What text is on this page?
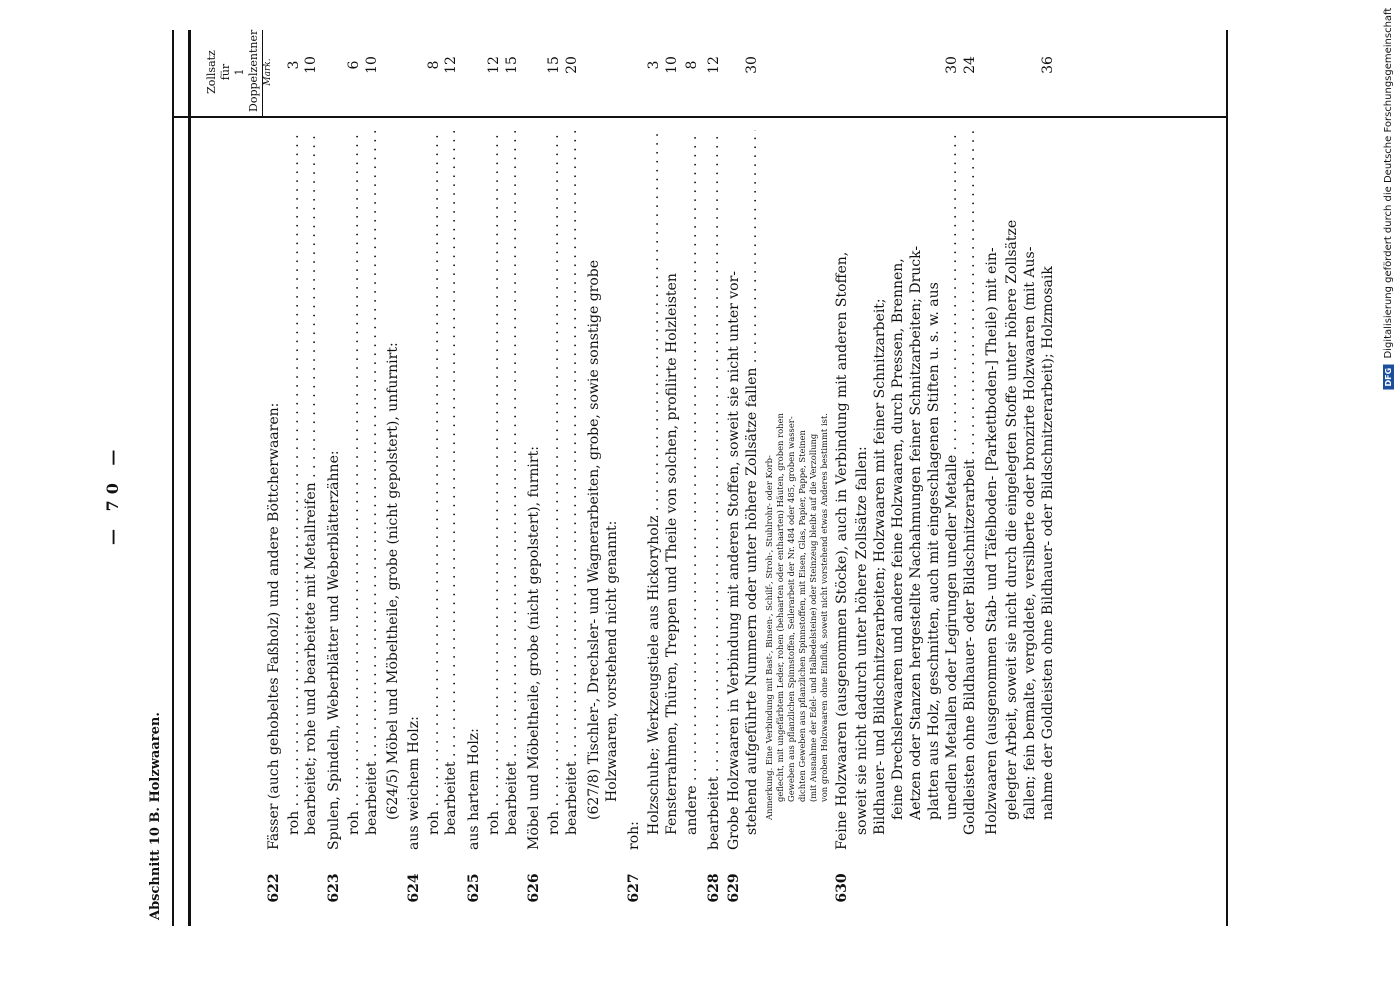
Abschnitt 10 B. Holzwaaren.
— 70 —
Zollsatz
für
1 Doppelzentner Mark.
622
Fässer (auch gehobeltes Faßholz) und andere Böttcherwaaren: roh . . .
3
bearbeitet; rohe und bearbeitete mit Metallreifen . . .
10
623
Spulen, Spindeln, Weberblätter und Weberblätterzähne: roh . . .
6
bearbeitet . . .
10
(624/5) Möbel und Möbeltheile, grobe (nicht gepolstert), unfurnirt:
624
aus weichem Holz: roh . . .
8
bearbeitet . . .
12
625
aus hartem Holz: roh . . .
12
bearbeitet . . .
15
626
Möbel und Möbeltheile, grobe (nicht gepolstert), furnirt: roh . . .
15
bearbeitet . . .
20
(627/8) Tischler-, Drechsler- und Wagnerarbeiten, grobe, sowie sonstige grobe Holzwaaren, vorstehend nicht genannt:
627
roh:
Holzschuhe; Werkzeugstiele aus Hickoryholz . . .
3
Fensterrahmen, Thüren, Treppen und Theile von solchen, profilirte Holzleisten
10
andere . . .
8
628
bearbeitet . . .
12
629
Grobe Holzwaaren in Verbindung mit anderen Stoffen, soweit sie nicht unter vor- stehend aufgeführte Nummern oder unter höhere Zollsätze fallen . . .
30
Anmerkung. Eine Verbindung mit Bast-, Binsen-, Schilf-, Stroh-, Stuhlrohr- oder Korb- geflecht, mit ungefärbtem Leder, rohen (behaarten oder enthaarten) Häuten, groben rohen Geweben aus pflanzlichen Spinnstoffen, Seilerarbeit der Nr. 484 oder 485, groben wasser- dichten Geweben aus pflanzlichen Spinnstoffen, mit Eisen, Glas, Papier, Pappe, Steinen (mit Ausnahme der Edel- und Halbedelsteine) oder Steinzeug bleibt auf die Verzollung von groben Holzwaaren ohne Einfluß, soweit nicht vorstehend etwas Anderes bestimmt ist.
630
Feine Holzwaaren (ausgenommen Stöcke), auch in Verbindung mit anderen Stoffen, soweit sie nicht dadurch unter höhere Zollsätze fallen: Bildhauer- und Bildschnitzerarbeiten; Holzwaaren mit feiner Schnitzarbeit; feine Drechslerwaaren und andere feine Holzwaaren, durch Pressen, Brennen, Aetzen oder Stanzen hergestellte Nachahmungen feiner Schnitzarbeiten; Druck- platten aus Holz, geschnitten, auch mit eingeschlagenen Stiften u. s. w. aus unedlen Metallen oder Legirungen unedler Metalle . . .
30
Goldleisten ohne Bildhauer- oder Bildschnitzerarbeit . . .
24
Holzwaaren (ausgenommen Stab- und Täfelboden- [Parkettboden-] Theile) mit ein- gelegter Arbeit, soweit sie nicht durch die eingelegten Stoffe unter höhere Zollsätze fallen; fein bemalte, vergoldete, versilberte oder bronzirte Holzwaaren (mit Aus- nahme der Goldleisten ohne Bildhauer- oder Bildschnitzerarbeit); Holzmosaik
36
DFG
Digitalisierung gefördert durch die Deutsche Forschungsgemeinschaft
